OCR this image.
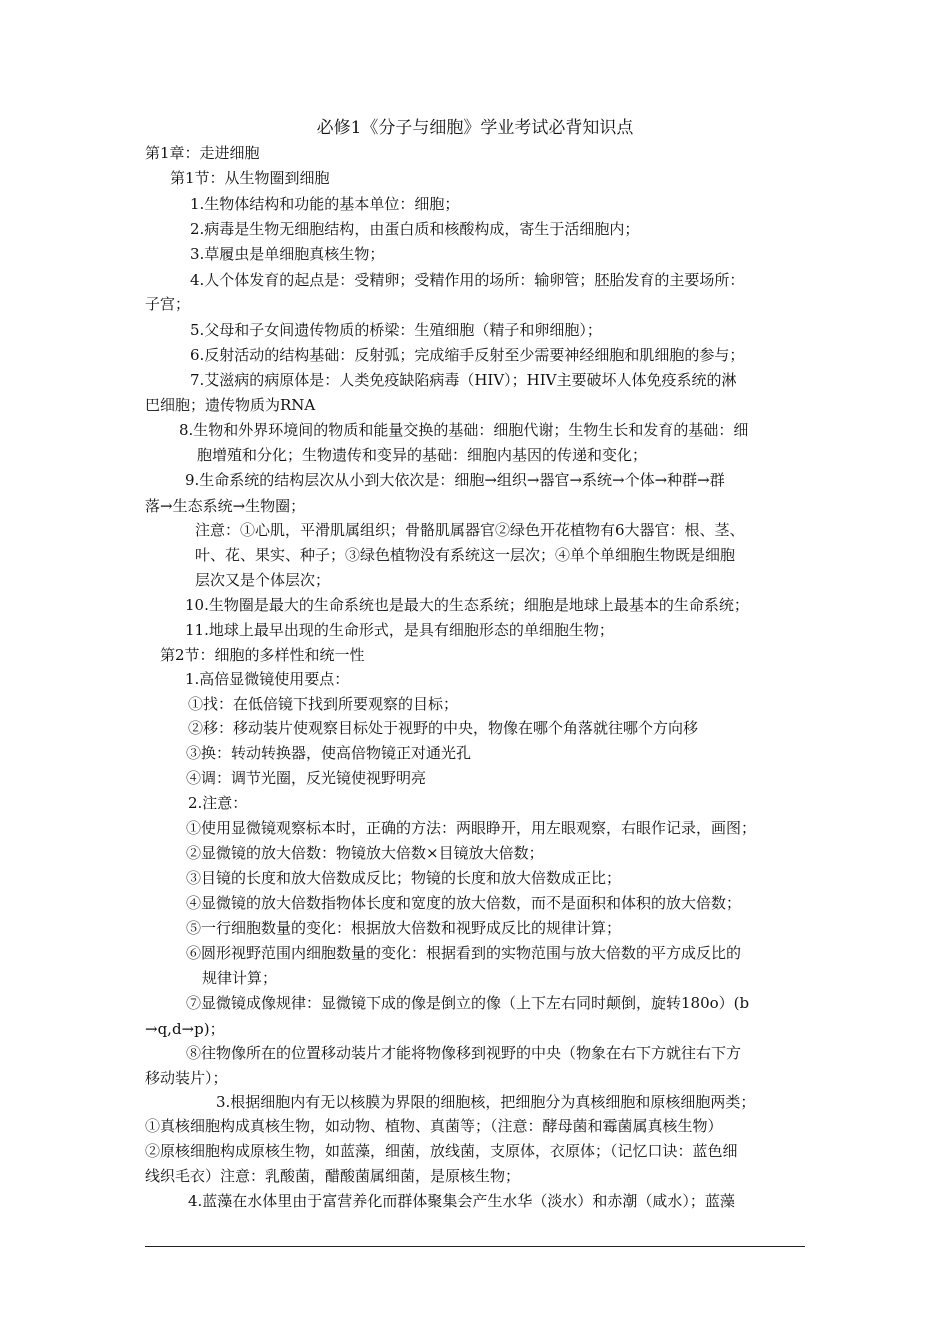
必修1《分子与细胞》学业考试必背知识点
第1章：走进细胞
第1节：从生物圈到细胞
1.生物体结构和功能的基本单位：细胞；
2.病毒是生物无细胞结构，由蛋白质和核酸构成，寄生于活细胞内；
3.草履虫是单细胞真核生物；
4.人个体发育的起点是：受精卵；受精作用的场所：输卵管；胚胎发育的主要场所：
子宫；
5.父母和子女间遗传物质的桥梁：生殖细胞（精子和卵细胞）；
6.反射活动的结构基础：反射弧；完成缩手反射至少需要神经细胞和肌细胞的参与；
7.艾滋病的病原体是：人类免疫缺陷病毒（HIV）；HIV主要破坏人体免疫系统的淋
巴细胞；遗传物质为RNA
8.生物和外界环境间的物质和能量交换的基础：细胞代谢；生物生长和发育的基础：细
胞增殖和分化；生物遗传和变异的基础：细胞内基因的传递和变化；
9.生命系统的结构层次从小到大依次是：细胞→组织→器官→系统→个体→种群→群
落→生态系统→生物圈；
注意：①心肌，平滑肌属组织；骨骼肌属器官②绿色开花植物有6大器官：根、茎、
叶、花、果实、种子；③绿色植物没有系统这一层次；④单个单细胞生物既是细胞
层次又是个体层次；
10.生物圈是最大的生命系统也是最大的生态系统；细胞是地球上最基本的生命系统；
11.地球上最早出现的生命形式，是具有细胞形态的单细胞生物；
第2节：细胞的多样性和统一性
1.高倍显微镜使用要点：
①找：在低倍镜下找到所要观察的目标；
②移：移动装片使观察目标处于视野的中央，物像在哪个角落就往哪个方向移
③换：转动转换器，使高倍物镜正对通光孔
④调：调节光圈，反光镜使视野明亮
2.注意：
①使用显微镜观察标本时，正确的方法：两眼睁开，用左眼观察，右眼作记录，画图；
②显微镜的放大倍数：物镜放大倍数×目镜放大倍数；
③目镜的长度和放大倍数成反比；物镜的长度和放大倍数成正比；
④显微镜的放大倍数指物体长度和宽度的放大倍数，而不是面积和体积的放大倍数；
⑤一行细胞数量的变化：根据放大倍数和视野成反比的规律计算；
⑥圆形视野范围内细胞数量的变化：根据看到的实物范围与放大倍数的平方成反比的
规律计算；
⑦显微镜成像规律：显微镜下成的像是倒立的像（上下左右同时颠倒，旋转180o）(b
→q,d→p)；
⑧往物像所在的位置移动装片才能将物像移到视野的中央（物象在右下方就往右下方
移动装片）；
3.根据细胞内有无以核膜为界限的细胞核，把细胞分为真核细胞和原核细胞两类；
①真核细胞构成真核生物，如动物、植物、真菌等；（注意：酵母菌和霉菌属真核生物）
②原核细胞构成原核生物，如蓝藻，细菌，放线菌，支原体，衣原体；（记忆口诀：蓝色细
线织毛衣）注意：乳酸菌，醋酸菌属细菌，是原核生物；
4.蓝藻在水体里由于富营养化而群体聚集会产生水华（淡水）和赤潮（咸水）；蓝藻
